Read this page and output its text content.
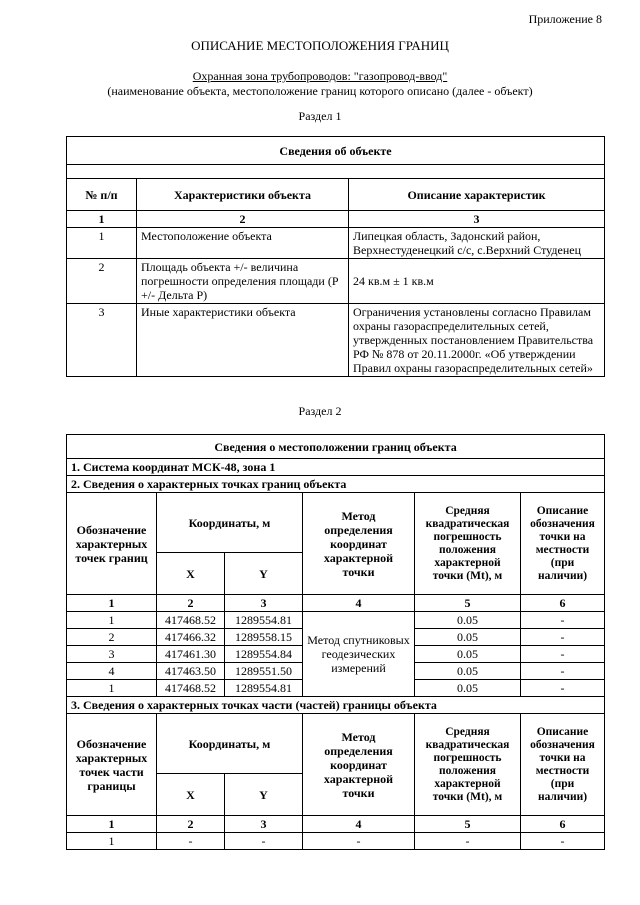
Приложение 8
ОПИСАНИЕ МЕСТОПОЛОЖЕНИЯ ГРАНИЦ
Охранная зона трубопроводов: "газопровод-ввод"
(наименование объекта, местоположение границ которого описано (далее - объект)
Раздел 1
Сведения об объекте		

№ п/п	Характеристики объекта	Описание характеристик
1	2	3
1	Местоположение объекта	Липецкая область, Задонский район, Верхнестуденецкий с/с, с.Верхний Студенец
2	Площадь объекта +/- величина погрешности определения площади (Р +/- Дельта Р)	24 кв.м ± 1 кв.м
3	Иные характеристики объекта	Ограничения установлены согласно Правилам охраны газораспределительных сетей, утвержденных постановлением Правительства РФ № 878 от 20.11.2000г. «Об утверждении Правил охраны газораспределительных сетей»
Раздел 2
Сведения о местоположении границ объекта					
1. Система координат МСК-48, зона 1					
2. Сведения о характерных точках границ объекта					
Обозначение характерных точек границ	Координаты, м		Метод определения координат характерной точки	Средняя квадратическая погрешность положения характерной точки (Mt), м	Описание обозначения точки на местности (при наличии)
	X	Y			
1	2	3	4	5	6
1	417468.52	1289554.81	Метод спутниковых геодезических измерений	0.05	-
2	417466.32	1289558.15		0.05	-
3	417461.30	1289554.84		0.05	-
4	417463.50	1289551.50		0.05	-
1	417468.52	1289554.81		0.05	-
3. Сведения о характерных точках части (частей) границы объекта					
Обозначение характерных точек части границы	Координаты, м		Метод определения координат характерной точки	Средняя квадратическая погрешность положения характерной точки (Mt), м	Описание обозначения точки на местности (при наличии)
	X	Y			
1	2	3	4	5	6
1	-	-	-	-	-
